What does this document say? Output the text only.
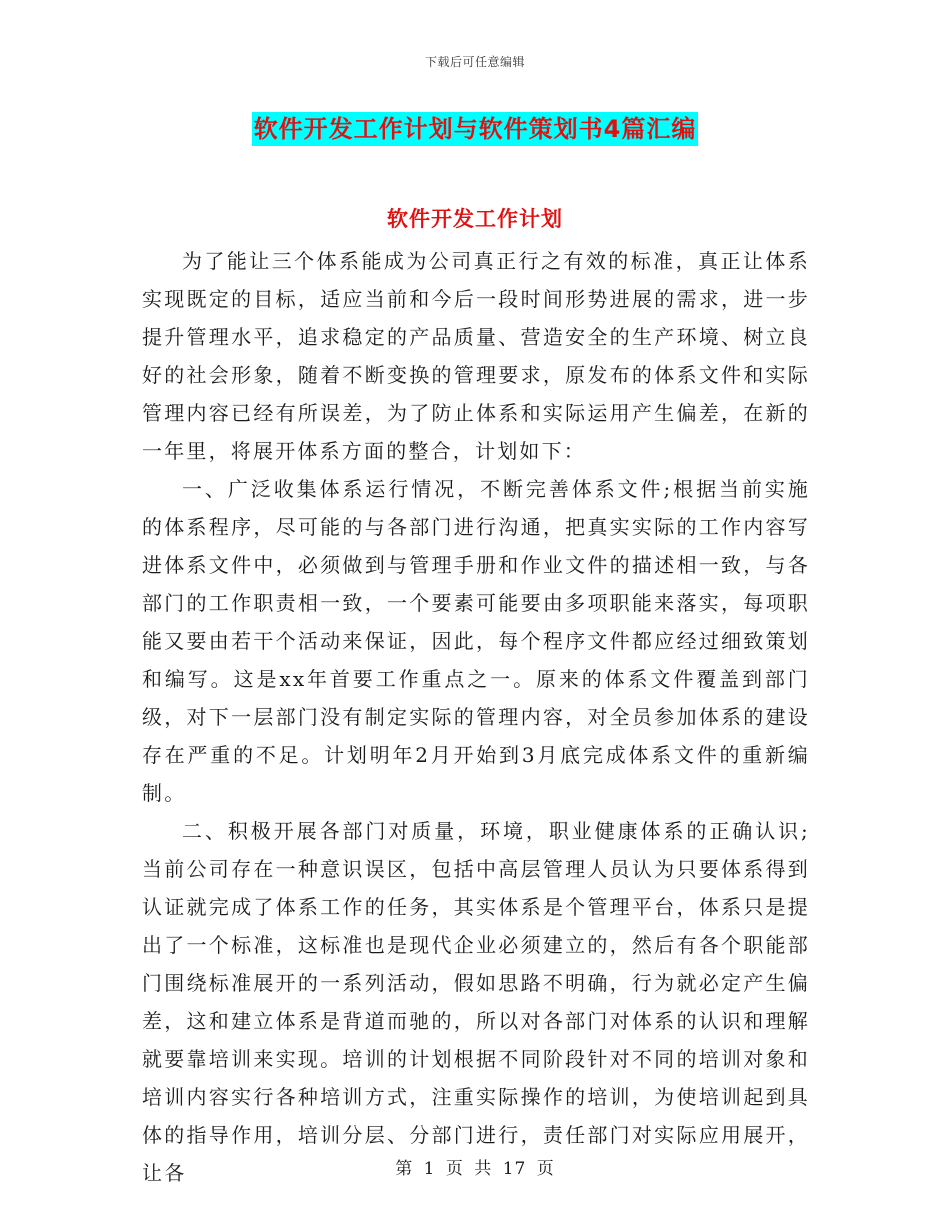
下载后可任意编辑
软件开发工作计划与软件策划书4篇汇编
软件开发工作计划

为了能让三个体系能成为公司真正行之有效的标准，真正让体系实现既定的目标，适应当前和今后一段时间形势进展的需求，进一步提升管理水平，追求稳定的产品质量、营造安全的生产环境、树立良好的社会形象，随着不断变换的管理要求，原发布的体系文件和实际管理内容已经有所误差，为了防止体系和实际运用产生偏差，在新的一年里，将展开体系方面的整合，计划如下：

一、广泛收集体系运行情况，不断完善体系文件;根据当前实施的体系程序，尽可能的与各部门进行沟通，把真实实际的工作内容写进体系文件中，必须做到与管理手册和作业文件的描述相一致，与各部门的工作职责相一致，一个要素可能要由多项职能来落实，每项职能又要由若干个活动来保证，因此，每个程序文件都应经过细致策划和编写。这是xx年首要工作重点之一。原来的体系文件覆盖到部门级，对下一层部门没有制定实际的管理内容，对全员参加体系的建设存在严重的不足。计划明年2月开始到3月底完成体系文件的重新编制。

二、积极开展各部门对质量，环境，职业健康体系的正确认识;当前公司存在一种意识误区，包括中高层管理人员认为只要体系得到认证就完成了体系工作的任务，其实体系是个管理平台，体系只是提出了一个标准，这标准也是现代企业必须建立的，然后有各个职能部门围绕标准展开的一系列活动，假如思路不明确，行为就必定产生偏差，这和建立体系是背道而驰的，所以对各部门对体系的认识和理解就要靠培训来实现。培训的计划根据不同阶段针对不同的培训对象和培训内容实行各种培训方式，注重实际操作的培训，为使培训起到具体的指导作用，培训分层、分部门进行，责任部门对实际应用展开，让各	第 1 页 共 17 页
